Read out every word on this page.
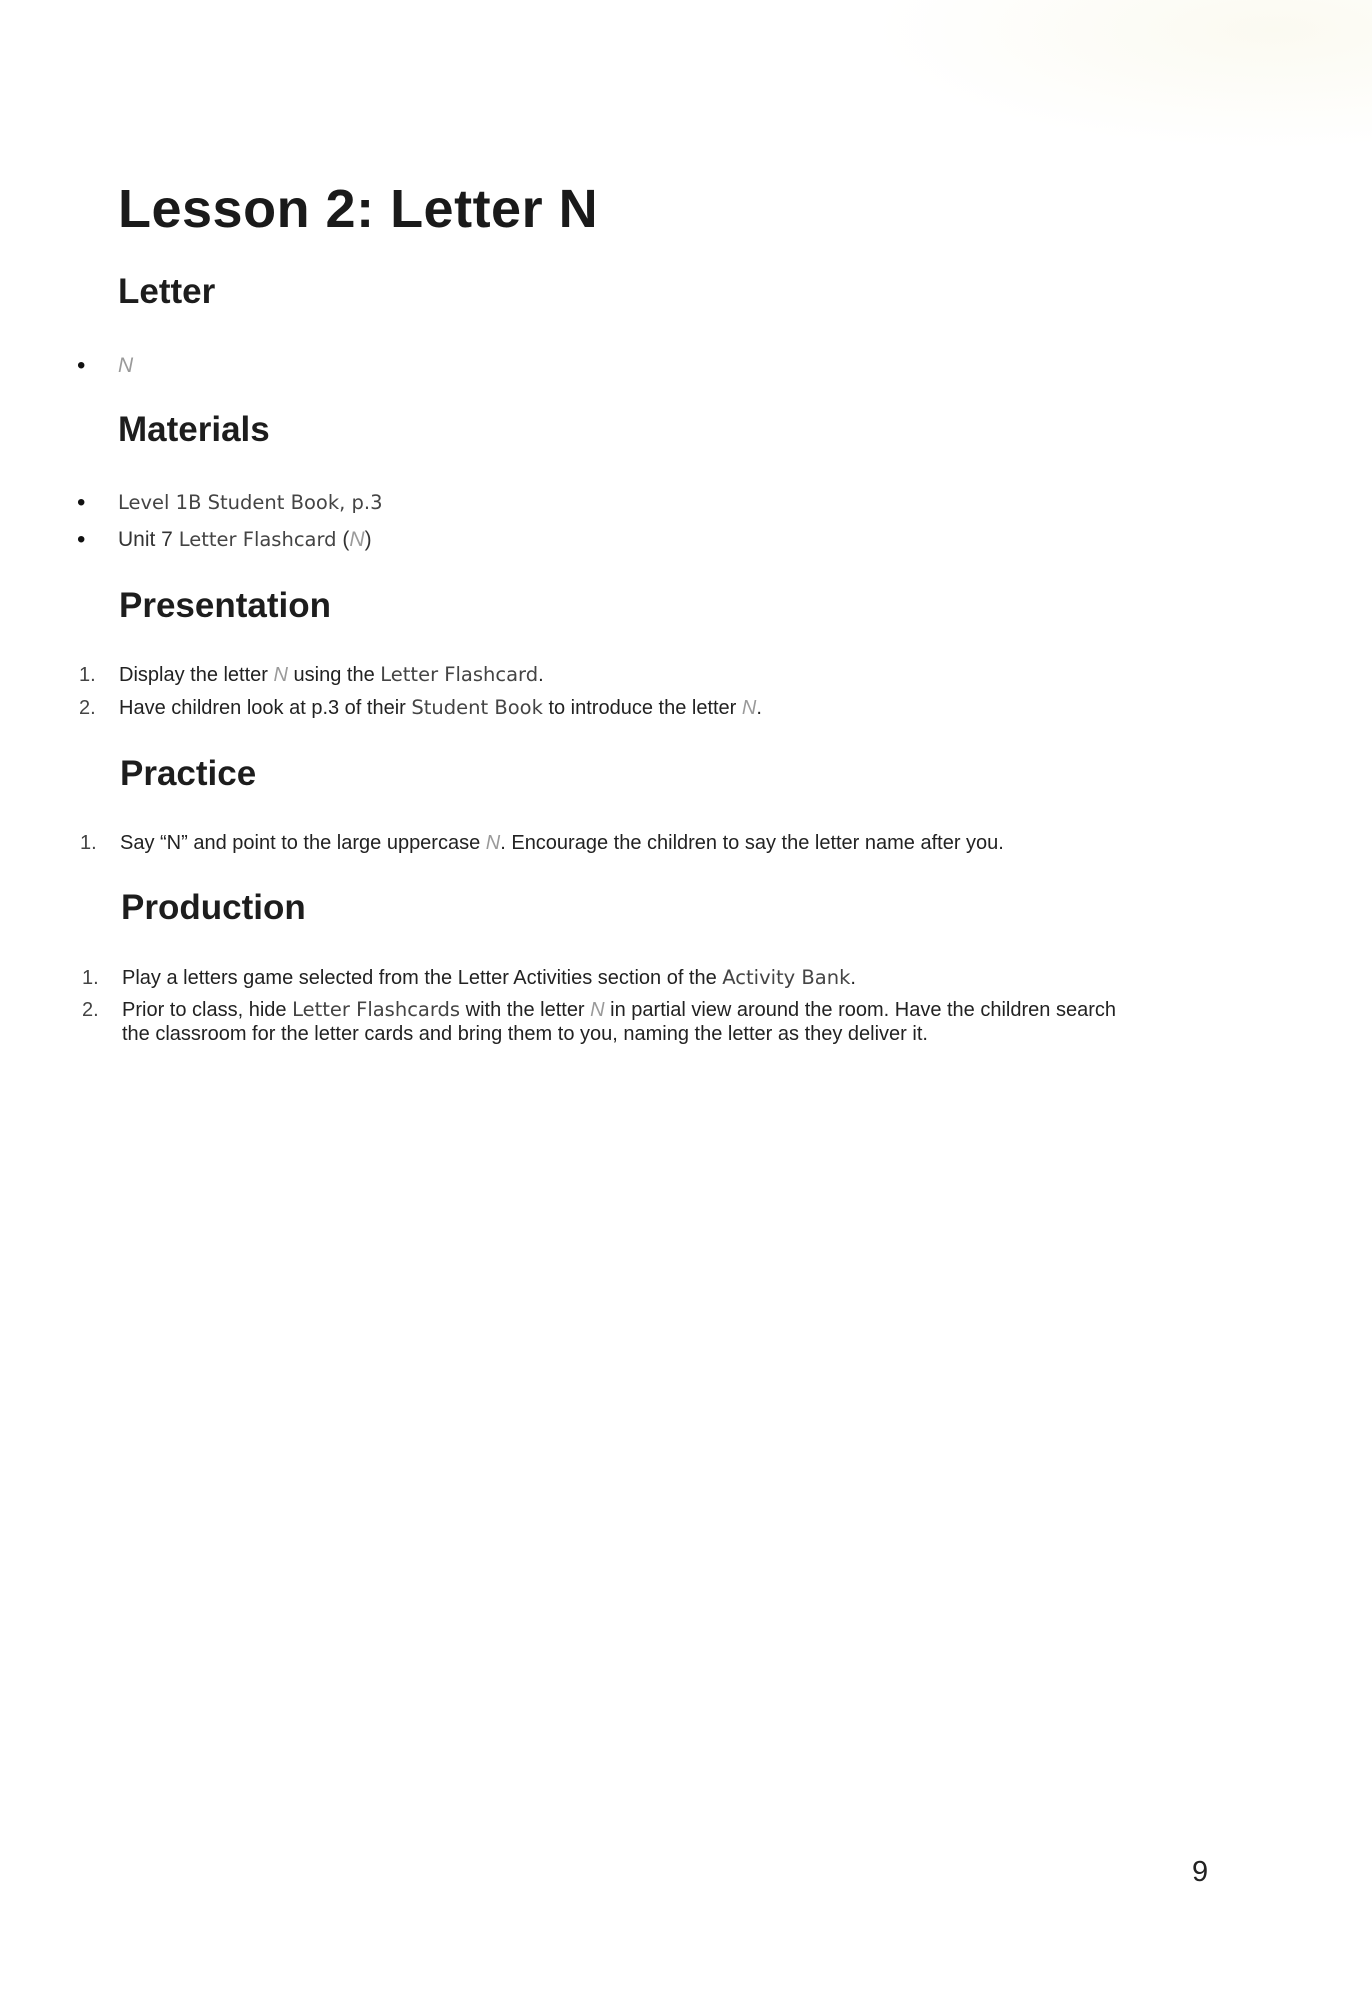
Lesson 2: Letter N
Letter
• N
Materials
• Level 1B Student Book, p.3
• Unit 7 Letter Flashcard (N)
Presentation
1. Display the letter N using the Letter Flashcard.
2. Have children look at p.3 of their Student Book to introduce the letter N.
Practice
1. Say “N” and point to the large uppercase N. Encourage the children to say the letter name after you.
Production
1. Play a letters game selected from the Letter Activities section of the Activity Bank.
2. Prior to class, hide Letter Flashcards with the letter N in partial view around the room. Have the children search
the classroom for the letter cards and bring them to you, naming the letter as they deliver it.
9
